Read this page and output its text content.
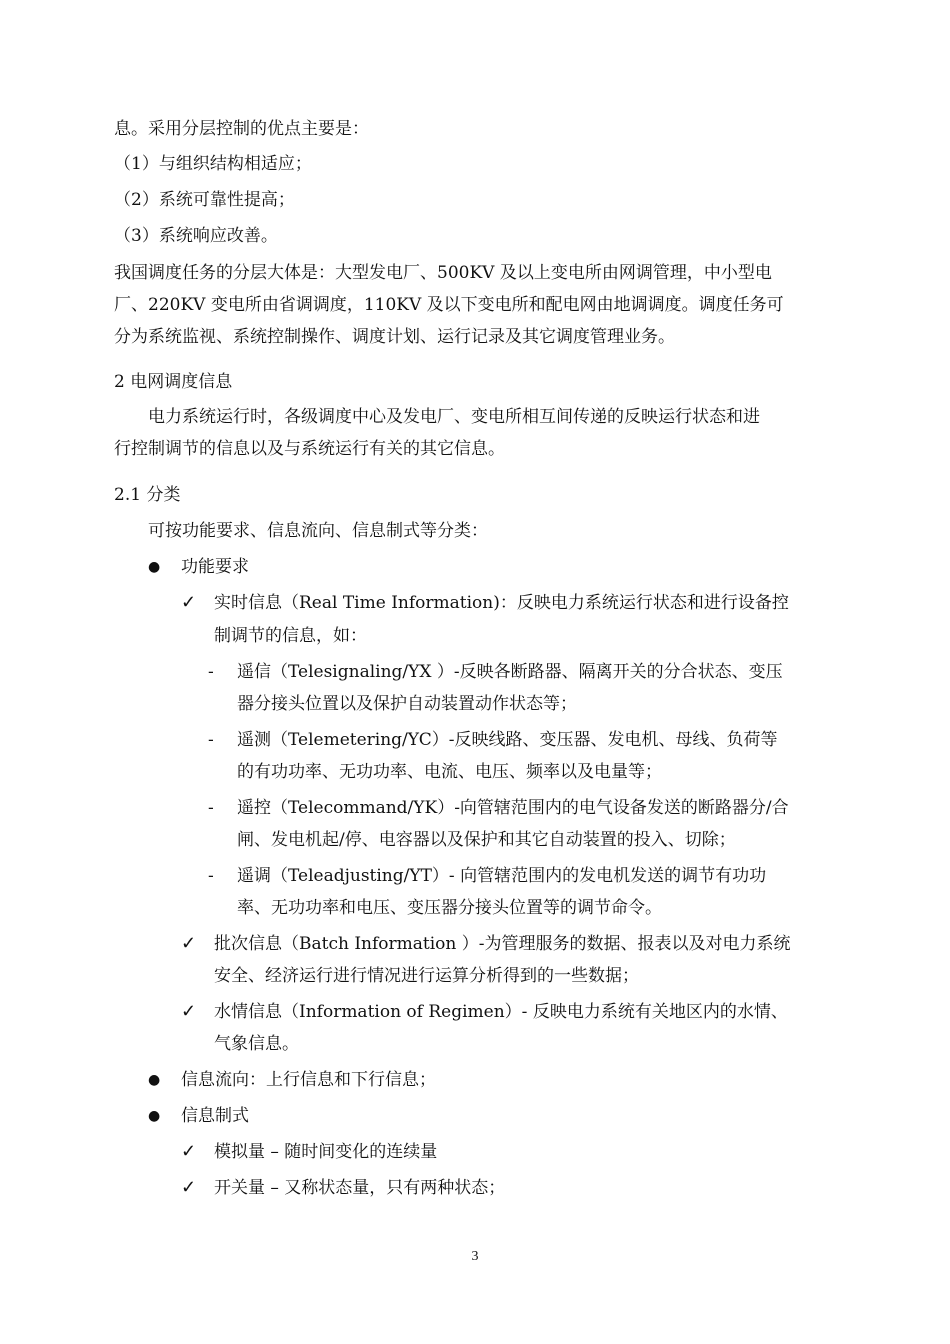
息。采用分层控制的优点主要是：
（1）与组织结构相适应；
（2）系统可靠性提高；
（3）系统响应改善。
我国调度任务的分层大体是：大型发电厂、500KV 及以上变电所由网调管理，中小型电
厂、220KV 变电所由省调调度，110KV 及以下变电所和配电网由地调调度。调度任务可
分为系统监视、系统控制操作、调度计划、运行记录及其它调度管理业务。
2 电网调度信息
电力系统运行时，各级调度中心及发电厂、变电所相互间传递的反映运行状态和进
行控制调节的信息以及与系统运行有关的其它信息。
2.1 分类
可按功能要求、信息流向、信息制式等分类：
● 功能要求
✓ 实时信息（Real Time Information)：反映电力系统运行状态和进行设备控
制调节的信息，如：
- 遥信（Telesignaling/YX ）-反映各断路器、隔离开关的分合状态、变压
器分接头位置以及保护自动装置动作状态等；
- 遥测（Telemetering/YC）-反映线路、变压器、发电机、母线、负荷等
的有功功率、无功功率、电流、电压、频率以及电量等；
- 遥控（Telecommand/YK）-向管辖范围内的电气设备发送的断路器分/合
闸、发电机起/停、电容器以及保护和其它自动装置的投入、切除；
- 遥调（Teleadjusting/YT）- 向管辖范围内的发电机发送的调节有功功
率、无功功率和电压、变压器分接头位置等的调节命令。
✓ 批次信息（Batch Information ）-为管理服务的数据、报表以及对电力系统
安全、经济运行进行情况进行运算分析得到的一些数据；
✓ 水情信息（Information of Regimen）- 反映电力系统有关地区内的水情、
气象信息。
● 信息流向：上行信息和下行信息；
● 信息制式
✓ 模拟量 – 随时间变化的连续量
✓ 开关量 – 又称状态量，只有两种状态；
3
